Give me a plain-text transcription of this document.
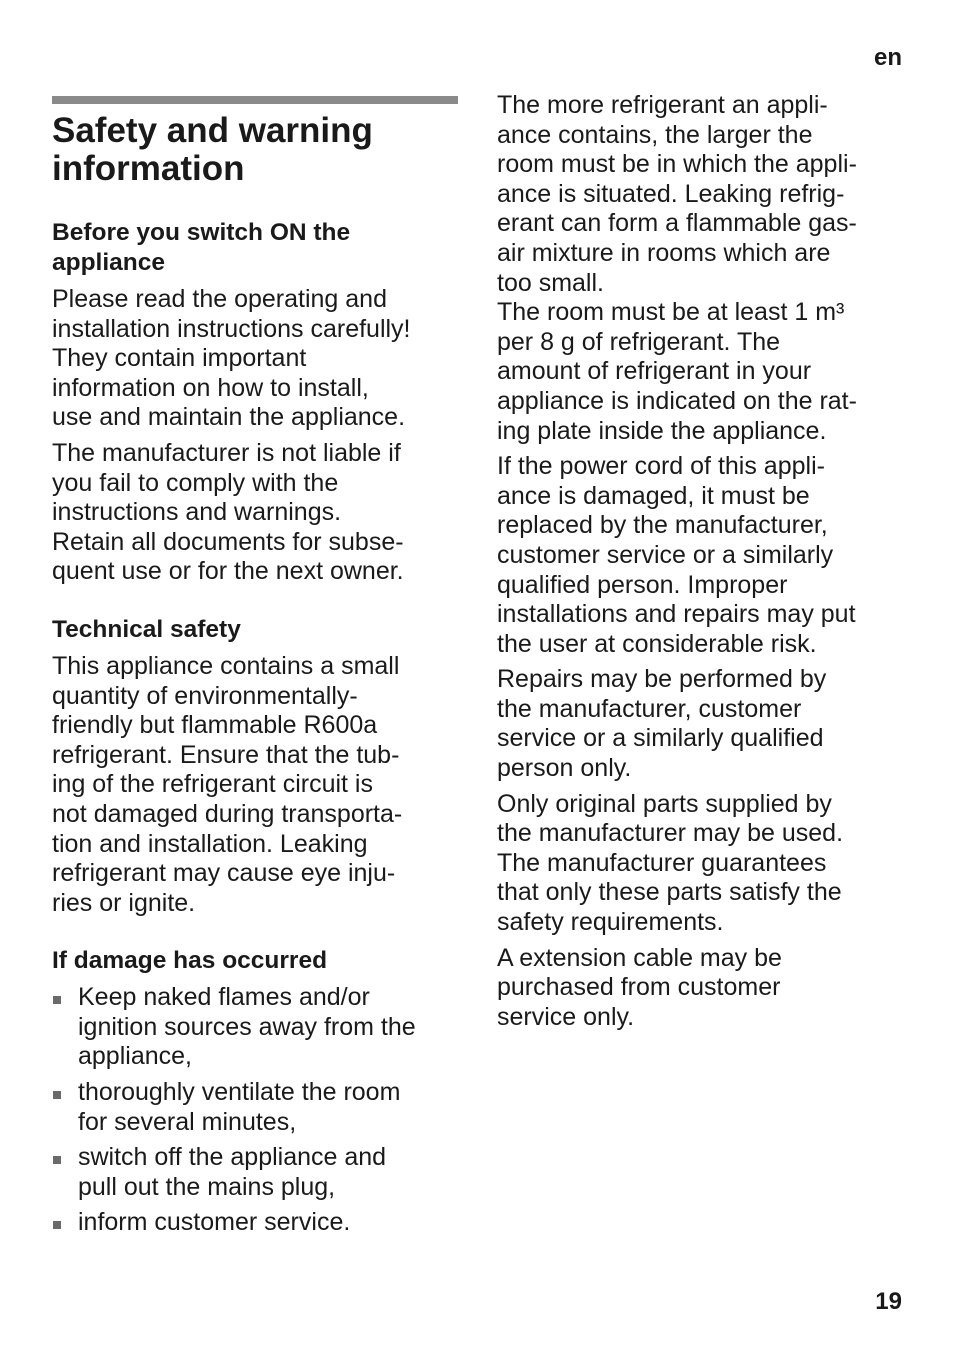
en
Safety and warning
information
Before you switch ON the
appliance

Please read the operating and
installation instructions carefully!
They contain important
information on how to install,
use and maintain the appliance.

The manufacturer is not liable if
you fail to comply with the
instructions and warnings.
Retain all documents for subse-
quent use or for the next owner.

Technical safety

This appliance contains a small
quantity of environmentally-
friendly but flammable R600a
refrigerant. Ensure that the tub-
ing of the refrigerant circuit is
not damaged during transporta-
tion and installation. Leaking
refrigerant may cause eye inju-
ries or ignite.

If damage has occurred
Keep naked flames and/or
ignition sources away from the
appliance,
thoroughly ventilate the room
for several minutes,
switch off the appliance and
pull out the mains plug,
inform customer service.

The more refrigerant an appli-
ance contains, the larger the
room must be in which the appli-
ance is situated. Leaking refrig-
erant can form a flammable gas-
air mixture in rooms which are
too small.
The room must be at least 1 m³
per 8 g of refrigerant. The
amount of refrigerant in your
appliance is indicated on the rat-
ing plate inside the appliance.

If the power cord of this appli-
ance is damaged, it must be
replaced by the manufacturer,
customer service or a similarly
qualified person. Improper
installations and repairs may put
the user at considerable risk.

Repairs may be performed by
the manufacturer, customer
service or a similarly qualified
person only.

Only original parts supplied by
the manufacturer may be used.
The manufacturer guarantees
that only these parts satisfy the
safety requirements.

A extension cable may be
purchased from customer
service only.

19
